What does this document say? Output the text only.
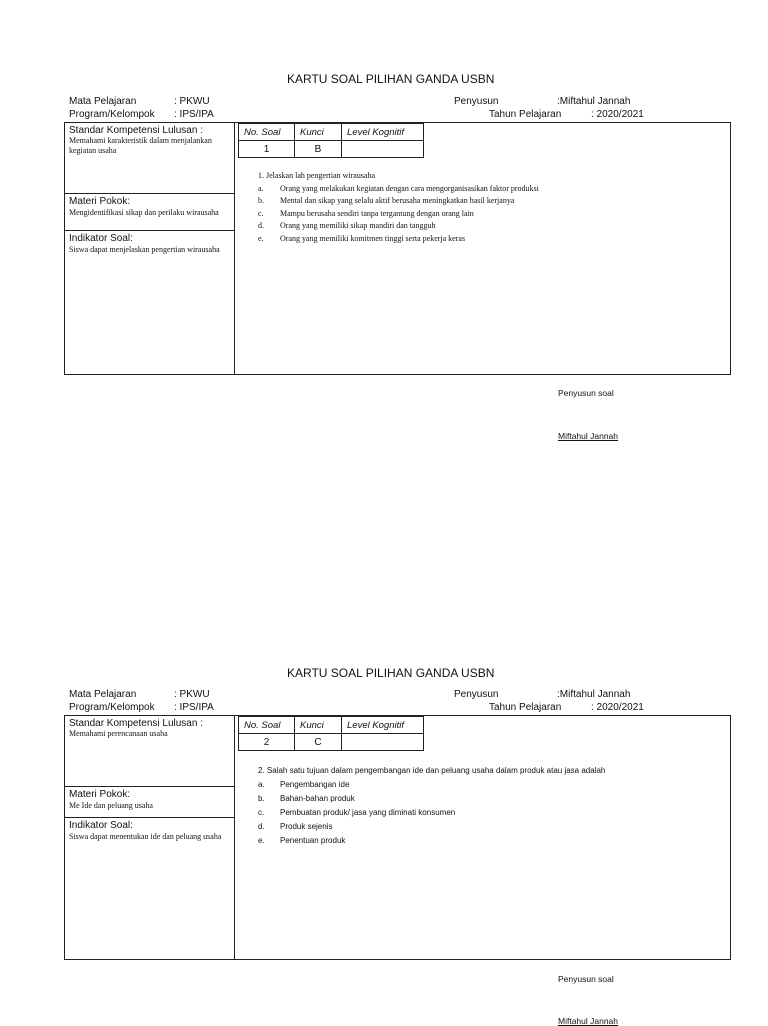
KARTU SOAL PILIHAN GANDA USBN
Mata Pelajaran	: PKWU	Penyusun	:Miftahul Jannah
Program/Kelompok : IPS/IPA	Tahun Pelajaran	: 2020/2021
Standar Kompetensi Lulusan :
Memahami karakteristik dalam menjalankan kegiatan usaha
Materi Pokok:
Mengidentifikasi sikap dan perilaku wirausaha
Indikator Soal:
Siswa dapat menjelaskan pengertian wirausaha
No. Soal	Kunci	Level Kognitif
1	B	
1. Jelaskan lah pengertian wirausaha
a.	Orang yang melakukan kegiatan dengan cara mengorganisasikan faktor produksi
b.	Mental dan sikap yang selalu aktif berusaha meningkatkan hasil kerjanya
c.	Mampu berusaha sendiri tanpa tergantung dengan orang lain
d.	Orang yang memiliki sikap mandiri dan tangguh
e.	Orang yang memiliki komitmen tinggi serta pekerja keras
Penyusun soal
Miftahul Jannah
KARTU SOAL PILIHAN GANDA USBN
Mata Pelajaran	: PKWU	Penyusun	:Miftahul Jannah
Program/Kelompok : IPS/IPA	Tahun Pelajaran	: 2020/2021
Standar Kompetensi Lulusan :
Memahami perencanaan usaha
Materi Pokok:
Me Ide dan peluang usaha
Indikator Soal:
Siswa dapat menentukan ide dan peluang usaha
No. Soal	Kunci	Level Kognitif
2	C	
2. Salah satu tujuan dalam pengembangan ide dan peluang usaha dalam produk atau jasa adalah
a.	Pengembangan ide
b.	Bahan-bahan produk
c.	Pembuatan produk/ jasa yang diminati konsumen
d.	Produk sejenis
e.	Penentuan produk
Penyusun soal
Miftahul Jannah
